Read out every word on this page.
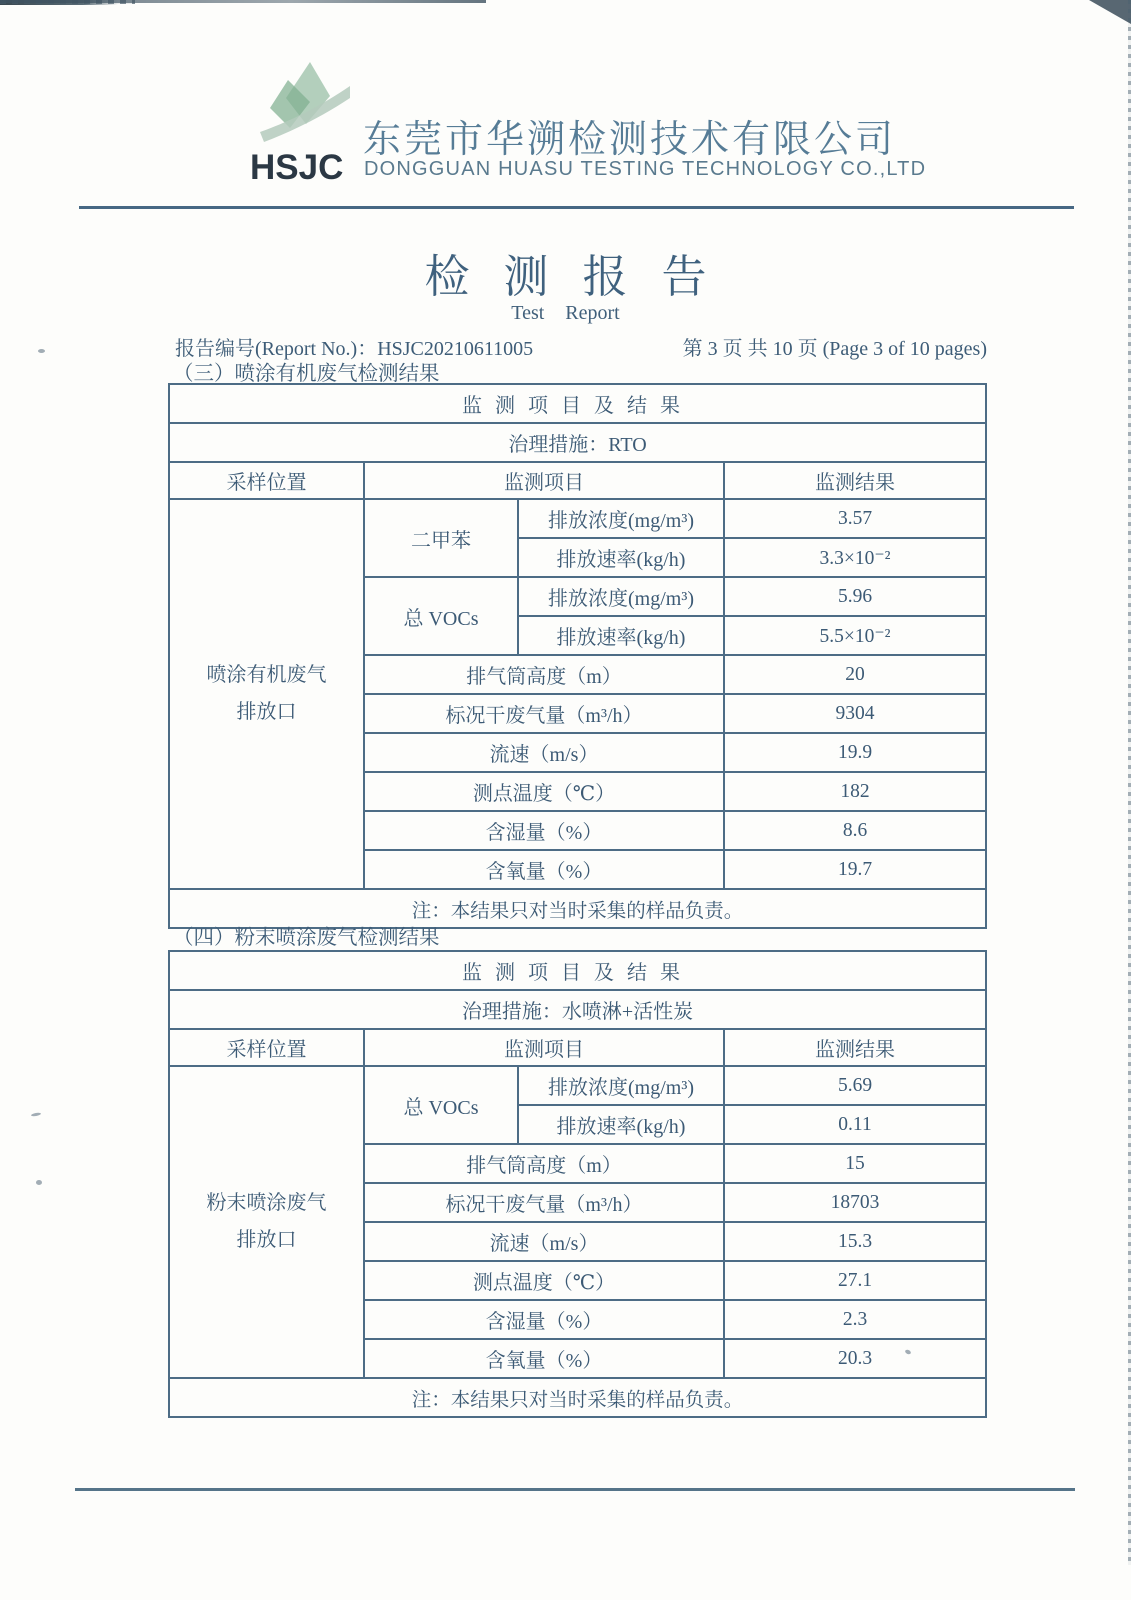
HSJC
东莞市华溯检测技术有限公司
DONGGUAN HUASU TESTING TECHNOLOGY CO.,LTD
检测报告
Test Report
报告编号(Report No.)：HSJC20210611005	第 3 页 共 10 页 (Page 3 of 10 pages)
（三）喷涂有机废气检测结果
监测项目及结果			
治理措施：RTO			
采样位置	监测项目		监测结果

喷涂有机废气
排放口	二甲苯	排放浓度(mg/m³)	3.57
		排放速率(kg/h)	3.3×10⁻²
	总 VOCs	排放浓度(mg/m³)	5.96
		排放速率(kg/h)	5.5×10⁻²
	排气筒高度（m）		20
	标况干废气量（m³/h）		9304
	流速（m/s）		19.9
	测点温度（℃）		182
	含湿量（%）		8.6
	含氧量（%）		19.7
注：本结果只对当时采集的样品负责。			
（四）粉末喷涂废气检测结果
监测项目及结果			
治理措施：水喷淋+活性炭			
采样位置	监测项目		监测结果

粉末喷涂废气
排放口	总 VOCs	排放浓度(mg/m³)	5.69
		排放速率(kg/h)	0.11
	排气筒高度（m）		15
	标况干废气量（m³/h）		18703
	流速（m/s）		15.3
	测点温度（℃）		27.1
	含湿量（%）		2.3
	含氧量（%）		20.3
注：本结果只对当时采集的样品负责。			
